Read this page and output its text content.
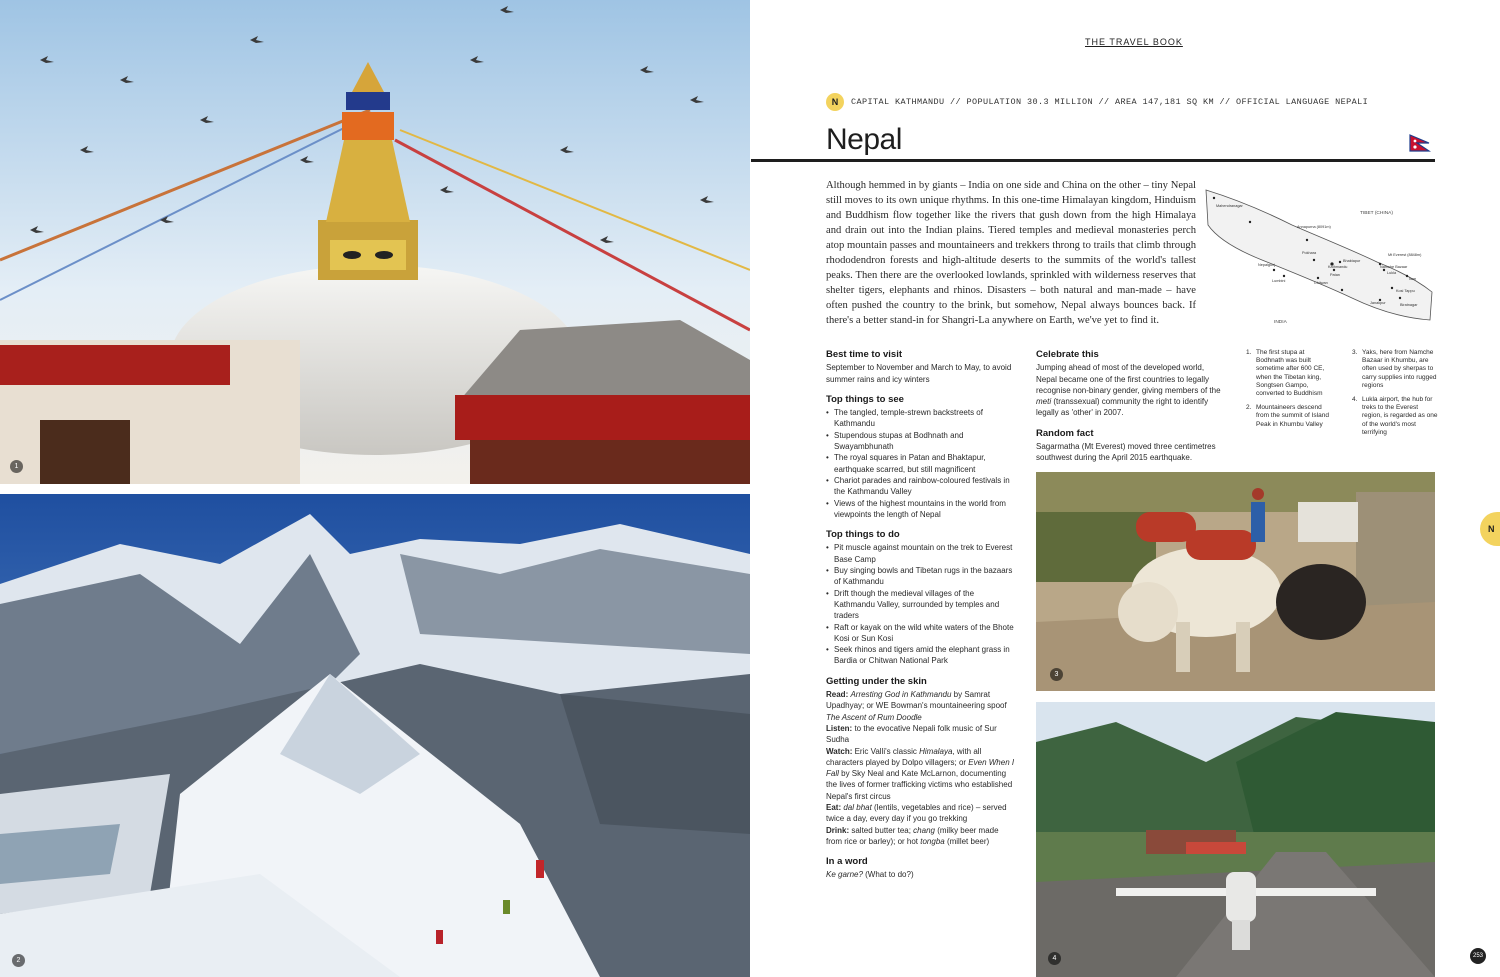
1
2
THE TRAVEL BOOK
N	CAPITAL KATHMANDU // POPULATION 30.3 MILLION // AREA 147,181 SQ KM // OFFICIAL LANGUAGE NEPALI
Nepal

Although hemmed in by giants – India on one side and China on the other – tiny Nepal still moves to its own unique rhythms. In this one-time Himalayan kingdom, Hinduism and Buddhism flow together like the rivers that gush down from the high Himalaya and drain out into the Indian plains. Tiered temples and medieval monasteries perch atop mountain passes and mountaineers and trekkers throng to trails that climb through rhododendron forests and high-altitude deserts to the summits of the world's tallest peaks. Then there are the overlooked lowlands, sprinkled with wilderness reserves that shelter tigers, elephants and rhinos. Disasters – both natural and man-made – have often pushed the country to the brink, but somehow, Nepal always bounces back. If there's a better stand-in for Shangri-La anywhere on Earth, we've yet to find it.

TIBET (CHINA)
INDIA
Mahendranagar
Annapurna (8091m)
Mt Everest (8848m)
Namche Bazaar
Lukla
Kathmandu
Bhaktapur
Patan
Pokhara
Lumbini	Chitwan
Nepalgunj
Ilam
Janakpur
Kosi Tappu
Biratnagar
Best time to visit

September to November and March to May, to avoid summer rains and icy winters

Top things to see
• The tangled, temple-strewn backstreets of Kathmandu
• Stupendous stupas at Bodhnath and Swayambhunath
• The royal squares in Patan and Bhaktapur, earthquake scarred, but still magnificent
• Chariot parades and rainbow-coloured festivals in the Kathmandu Valley
• Views of the highest mountains in the world from viewpoints the length of Nepal
Top things to do
• Pit muscle against mountain on the trek to Everest Base Camp
• Buy singing bowls and Tibetan rugs in the bazaars of Kathmandu
• Drift though the medieval villages of the Kathmandu Valley, surrounded by temples and traders
• Raft or kayak on the wild white waters of the Bhote Kosi or Sun Kosi
• Seek rhinos and tigers amid the elephant grass in Bardia or Chitwan National Park
Getting under the skin

Read: Arresting God in Kathmandu by Samrat Upadhyay; or WE Bowman's mountaineering spoof The Ascent of Rum Doodle

Listen: to the evocative Nepali folk music of Sur Sudha

Watch: Eric Valli's classic Himalaya, with all characters played by Dolpo villagers; or Even When I Fall by Sky Neal and Kate McLarnon, documenting the lives of former trafficking victims who established Nepal's first circus

Eat: dal bhat (lentils, vegetables and rice) – served twice a day, every day if you go trekking

Drink: salted butter tea; chang (milky beer made from rice or barley); or hot tongba (millet beer)

In a word

Ke garne? (What to do?)

Celebrate this

Jumping ahead of most of the developed world, Nepal became one of the first countries to legally recognise non-binary gender, giving members of the meti (transsexual) community the right to identify legally as 'other' in 2007.

Random fact

Sagarmatha (Mt Everest) moved three centimetres southwest during the April 2015 earthquake.

1. The first stupa at Bodhnath was built sometime after 600 CE, when the Tibetan king, Songtsen Gampo, converted to Buddhism
2. Mountaineers descend from the summit of Island Peak in Khumbu Valley
3. Yaks, here from Namche Bazaar in Khumbu, are often used by sherpas to carry supplies into rugged regions
4. Lukla airport, the hub for treks to the Everest region, is regarded as one of the world's most terrifying
3
4
N
253
